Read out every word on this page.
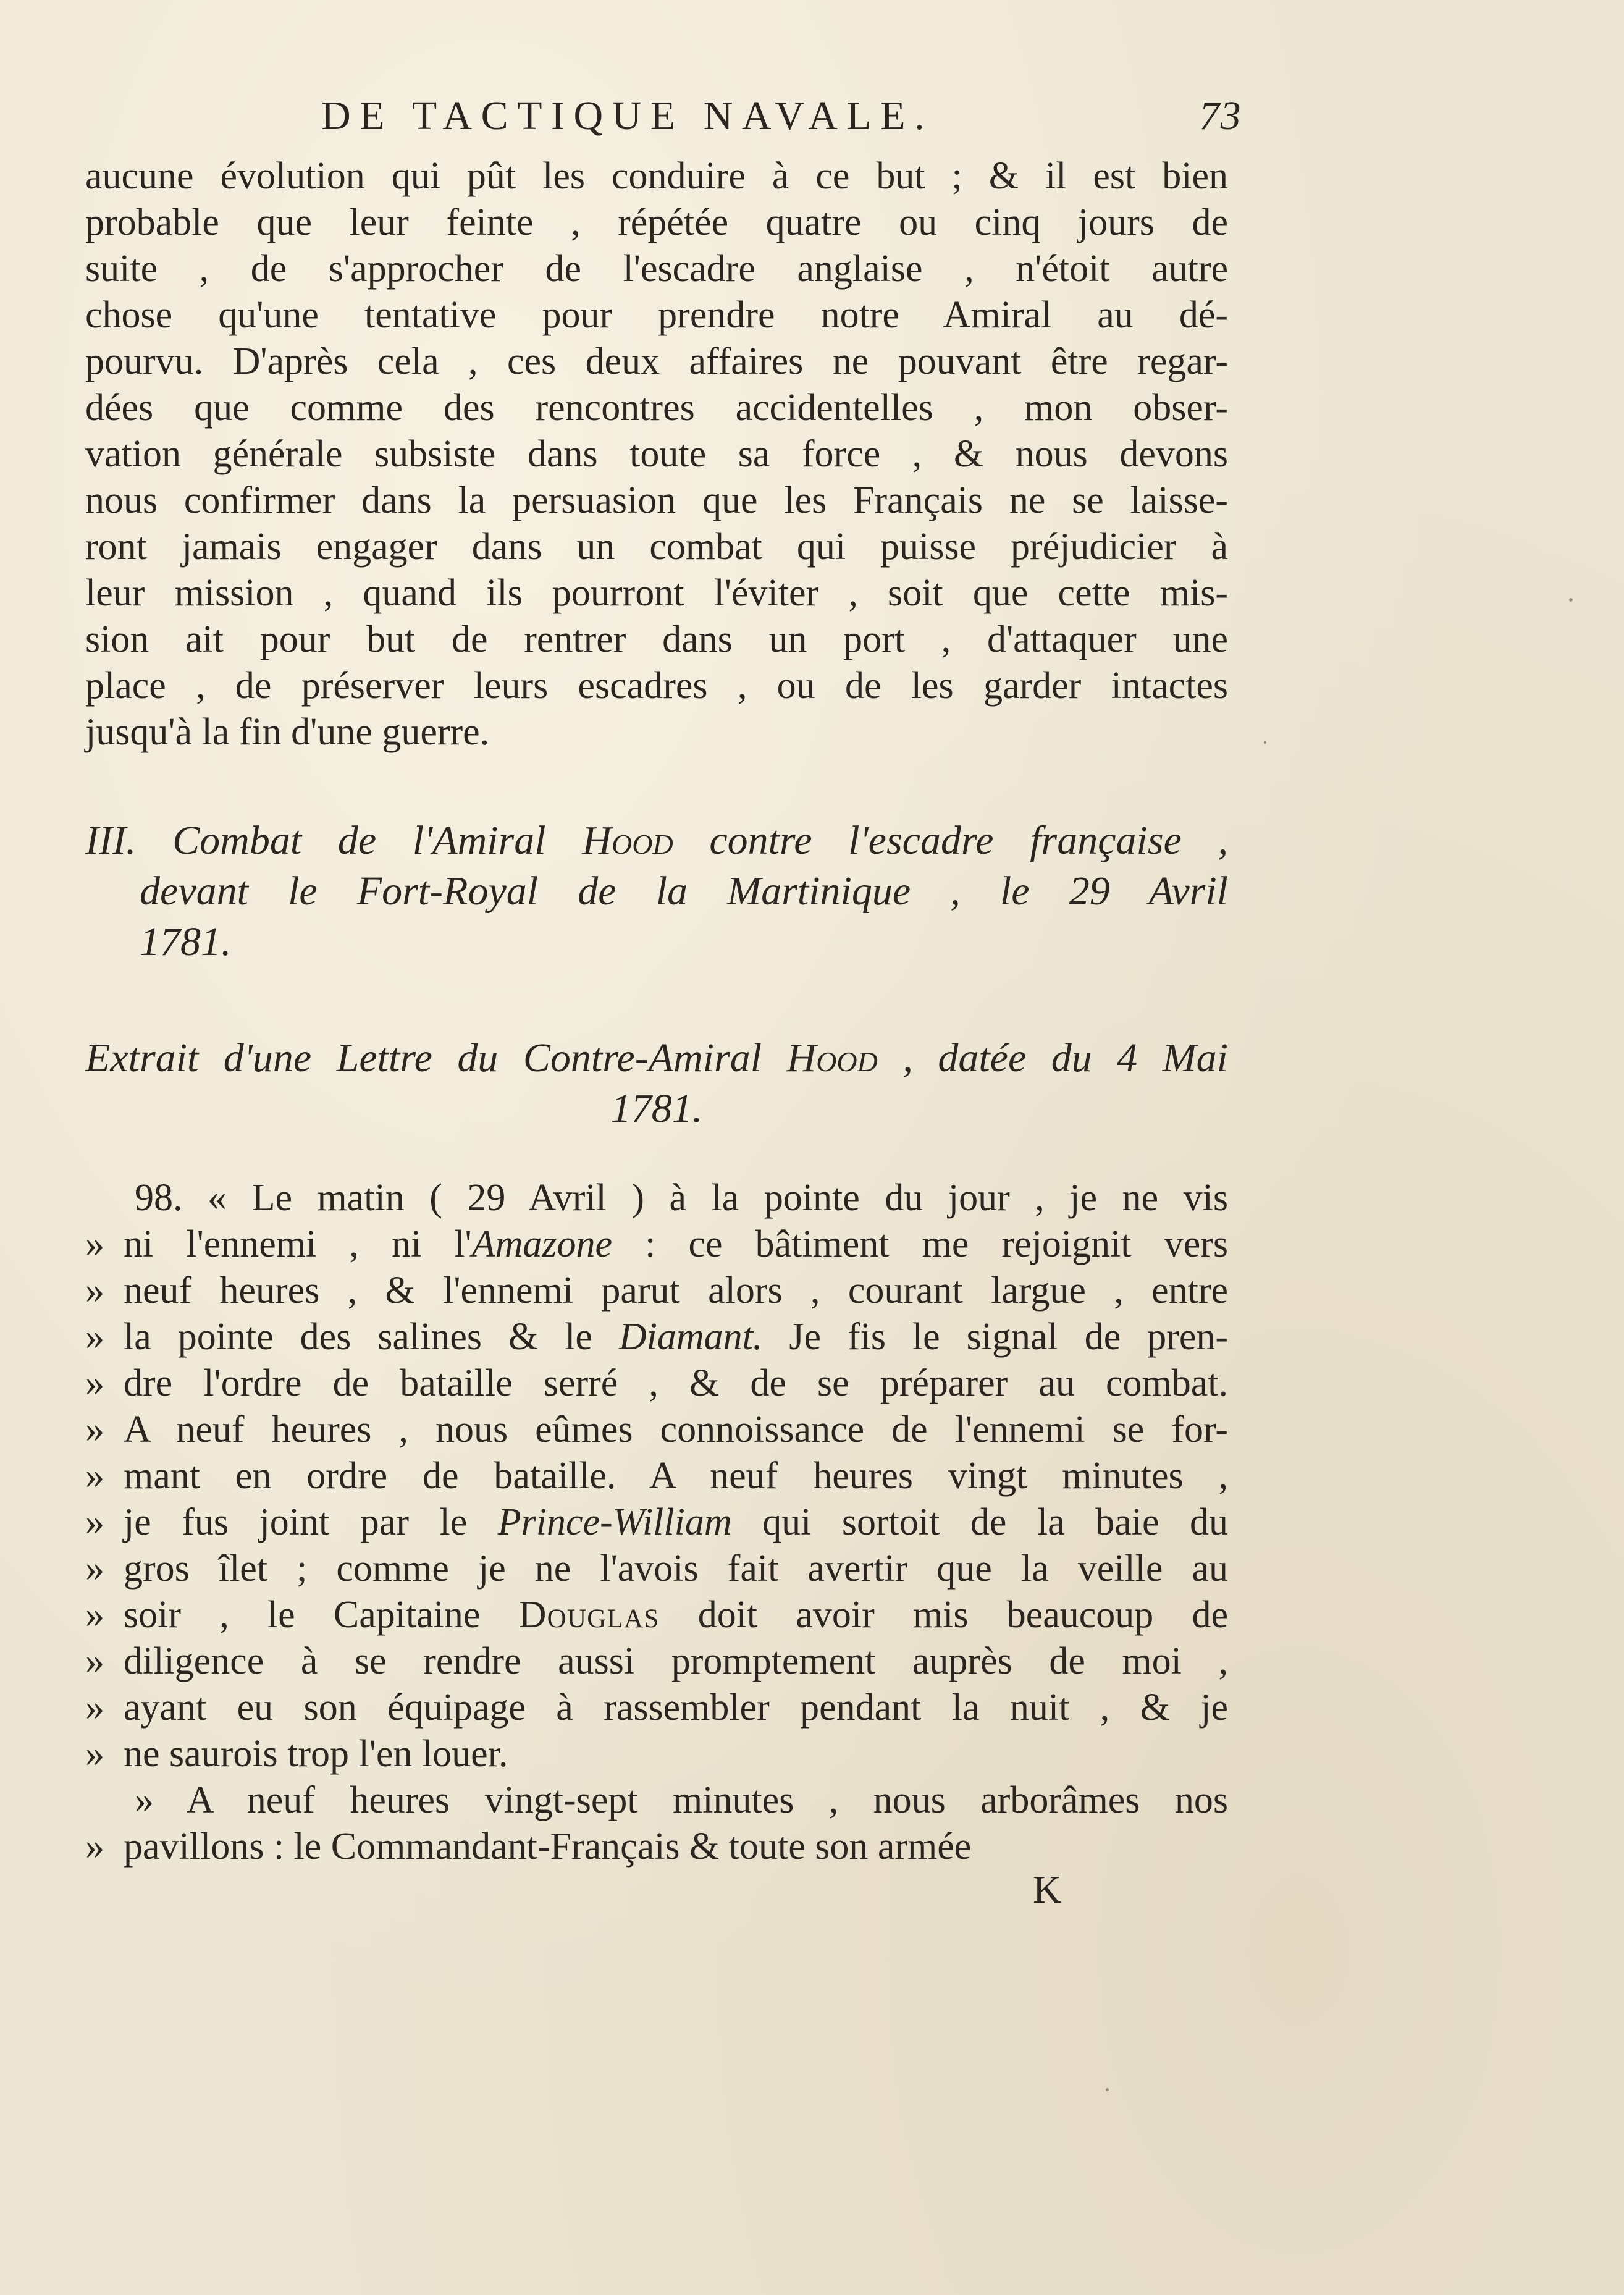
DE TACTIQUE NAVALE.	73
aucune évolution qui pût les conduire à ce but ; & il est bien
probable que leur feinte , répétée quatre ou cinq jours de
suite , de s'approcher de l'escadre anglaise , n'étoit autre
chose qu'une tentative pour prendre notre Amiral au dé-
pourvu. D'après cela , ces deux affaires ne pouvant être regar-
dées que comme des rencontres accidentelles , mon obser-
vation générale subsiste dans toute sa force , & nous devons
nous confirmer dans la persuasion que les Français ne se laisse-
ront jamais engager dans un combat qui puisse préjudicier à
leur mission , quand ils pourront l'éviter , soit que cette mis-
sion ait pour but de rentrer dans un port , d'attaquer une
place , de préserver leurs escadres , ou de les garder intactes
jusqu'à la fin d'une guerre.
III. Combat de l'Amiral Hood contre l'escadre française ,
devant le Fort-Royal de la Martinique , le 29 Avril
1781.
Extrait d'une Lettre du Contre-Amiral Hood , datée du 4 Mai
1781.
98. « Le matin ( 29 Avril ) à la pointe du jour , je ne vis
» ni l'ennemi , ni l'Amazone : ce bâtiment me rejoignit vers
» neuf heures , & l'ennemi parut alors , courant largue , entre
» la pointe des salines & le Diamant. Je fis le signal de pren-
» dre l'ordre de bataille serré , & de se préparer au combat.
» A neuf heures , nous eûmes connoissance de l'ennemi se for-
» mant en ordre de bataille. A neuf heures vingt minutes ,
» je fus joint par le Prince-William qui sortoit de la baie du
» gros îlet ; comme je ne l'avois fait avertir que la veille au
» soir , le Capitaine Douglas doit avoir mis beaucoup de
» diligence à se rendre aussi promptement auprès de moi ,
» ayant eu son équipage à rassembler pendant la nuit , & je
» ne saurois trop l'en louer.
» A neuf heures vingt-sept minutes , nous arborâmes nos
» pavillons : le Commandant-Français & toute son armée
K
